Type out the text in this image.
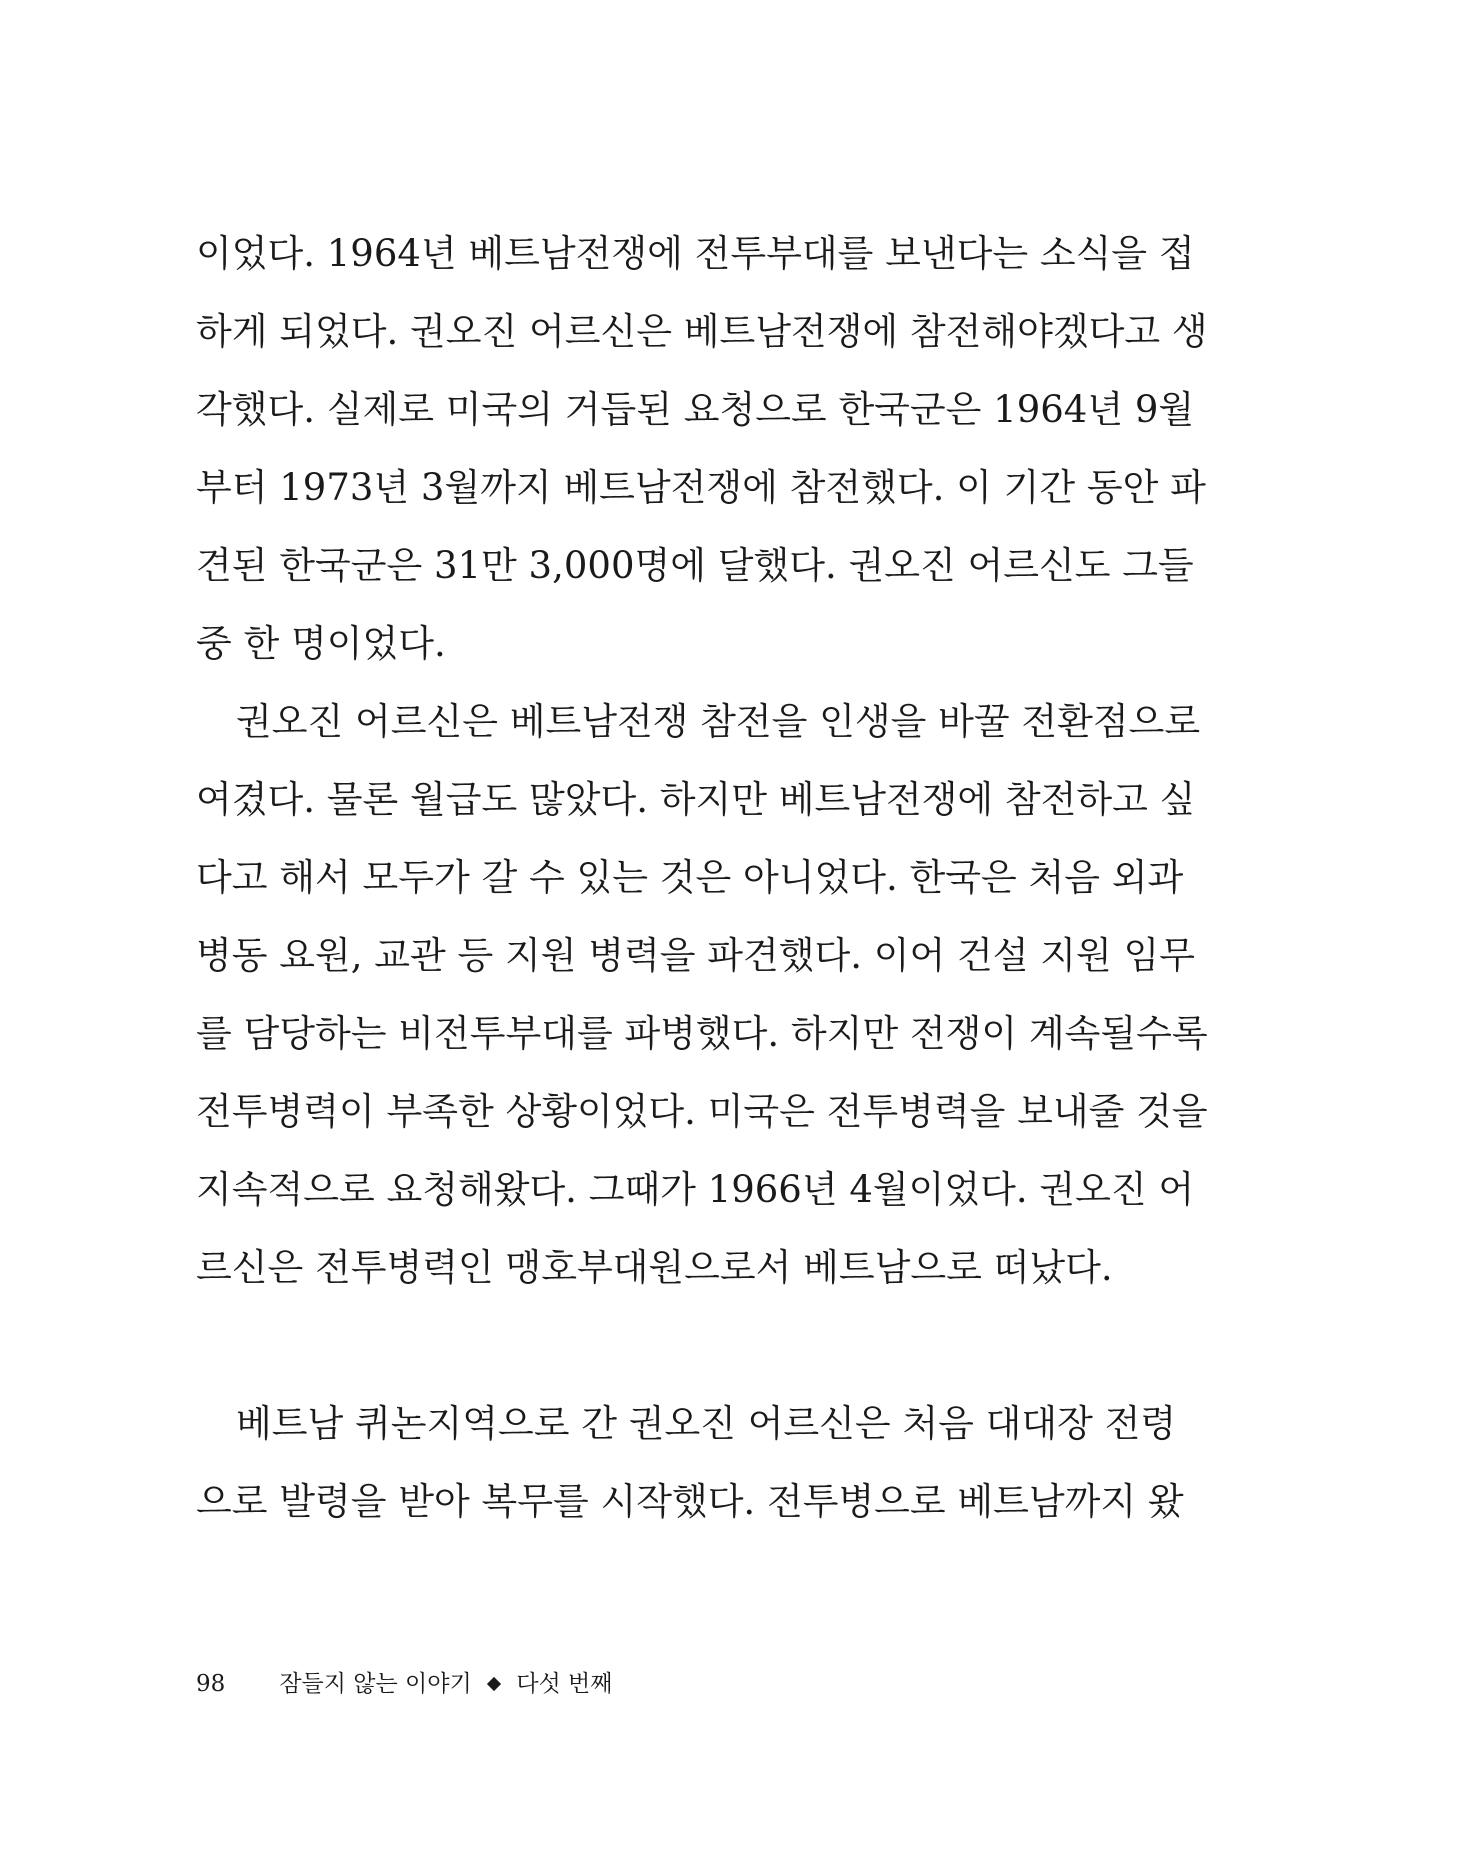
이었다. 1964년 베트남전쟁에 전투부대를 보낸다는 소식을 접
하게 되었다. 권오진 어르신은 베트남전쟁에 참전해야겠다고 생
각했다. 실제로 미국의 거듭된 요청으로 한국군은 1964년 9월
부터 1973년 3월까지 베트남전쟁에 참전했다. 이 기간 동안 파
견된 한국군은 31만 3,000명에 달했다. 권오진 어르신도 그들
중 한 명이었다.
권오진 어르신은 베트남전쟁 참전을 인생을 바꿀 전환점으로
여겼다. 물론 월급도 많았다. 하지만 베트남전쟁에 참전하고 싶
다고 해서 모두가 갈 수 있는 것은 아니었다. 한국은 처음 외과
병동 요원, 교관 등 지원 병력을 파견했다. 이어 건설 지원 임무
를 담당하는 비전투부대를 파병했다. 하지만 전쟁이 계속될수록
전투병력이 부족한 상황이었다. 미국은 전투병력을 보내줄 것을
지속적으로 요청해왔다. 그때가 1966년 4월이었다. 권오진 어
르신은 전투병력인 맹호부대원으로서 베트남으로 떠났다.
베트남 퀴논지역으로 간 권오진 어르신은 처음 대대장 전령
으로 발령을 받아 복무를 시작했다. 전투병으로 베트남까지 왔
98 잠들지 않는 이야기 다섯 번째
